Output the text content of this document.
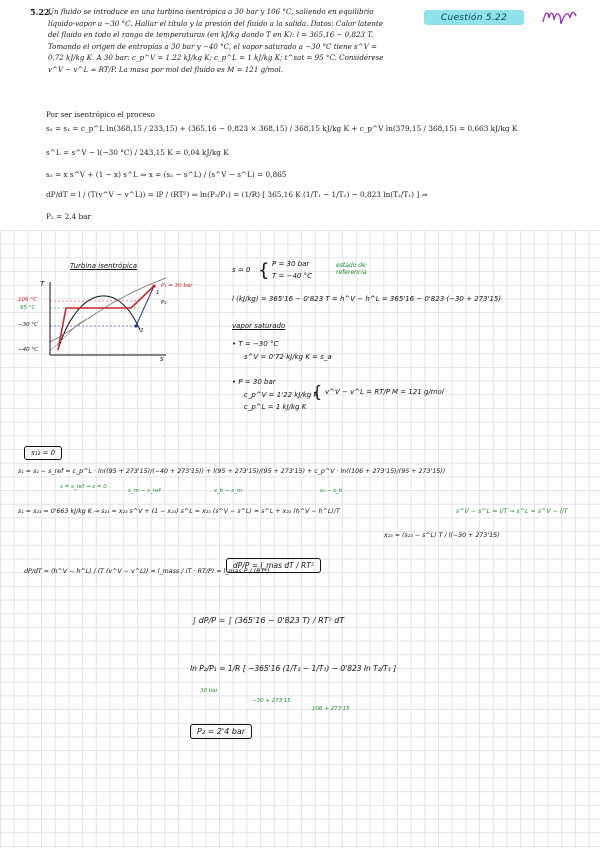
5.22.
Un fluido se introduce en una turbina isentrópica a 30 bar y 106 °C, saliendo en equilibrio líquido-vapor a −30 °C. Hallar el título y la presión del fluido a la salida. Datos: Calor latente del fluido en todo el rango de temperaturas (en kJ/kg dando T en K): l = 365,16 − 0,823 T. Tomando el origen de entropías a 30 bar y −40 °C, el vapor saturado a −30 °C tiene s^V = 0,72 kJ/kg K. A 30 bar: c_p^V = 1.22 kJ/kg K; c_p^L = 1 kJ/kg K; t^sat = 95 °C. Considérese v^V − v^L ≈ RT/P. La masa por mol del fluido es M = 121 g/mol.
Cuestión 5.22
Por ser isentrópico el proceso
s₂ = s₁ = c_p^L ln(368,15 / 233,15) + (365,16 − 0,823 × 368,15) / 368,15 kJ/kg K + c_p^V ln(379,15 / 368,15) = 0,663 kJ/kg K
s^L = s^V − l(−30 °C) / 243,15 K = 0,04 kJ/kg K
s₂ = x s^V + (1 − x) s^L ⇒ x = (s₂ − s^L) / (s^V − s^L) = 0,865
dP/dT = l / (T(v^V − v^L)) = lP / (RT²) ⇒ ln(P₂/P₁) = (1/R) [ 365,16 K (1/T₁ − 1/T₂) − 0,823 ln(T₂/T₁) ] ⇒
P₂ = 2,4 bar
Turbina isentrópica
T
s
P₁ = 30 bar
P₂
106 °C
95 °C
−30 °C
−40 °C
1
2
s = 0 { P = 30 bar
T = −40 °C
estado de referencia
l (kJ/kg) = 365'16 − 0'823 T = h^V − h^L = 365'16 − 0'823 (−30 + 273'15)
vapor saturado
• T = −30 °C
s^V = 0'72 kJ/kg K = s_a
• P = 30 bar
c_p^V = 1'22 kJ/kg K
c_p^L = 1 kJ/kg K
{ v^V − v^L = RT/P M = 121 g/mol
s₁₂ = 0
s₁ = s₁ − s_ref = c_p^L · ln((95 + 273'15)/(−40 + 273'15)) + l(95 + 273'15)/(95 + 273'15) + c_p^V · ln((106 + 273'15)/(95 + 273'15))
s = s_ref → s = 0
s_m − s_ref	s_b − s_m	s₁ − s_b
s₁ = s₂₃ = 0'663 kJ/kg K → s₂₃ = x₂₃ s^V + (1 − x₂₃) s^L = x₂₃ (s^V − s^L) = s^L + x₂₃ (h^V − h^L)/T	s^V − s^L = l/T → s^L = s^V − l/T
x₂₃ = (s₂₃ − s^L) T / l(−30 + 273'15)
dP/dT = (h^V − h^L) / (T (v^V − v^L)) = l_mass / (T · RT/P) = l_mas P / (RT²)
dP/P = l_mas dT / RT²
∫ dP/P = ∫ (365'16 − 0'823 T) / RT² dT
ln P₂/P₁ = 1/R [ −365'16 (1/T₂ − 1/T₁) − 0'823 ln T₂/T₁ ]
30 bar
−30 + 273'15
106 + 273'15
P₂ = 2'4 bar
